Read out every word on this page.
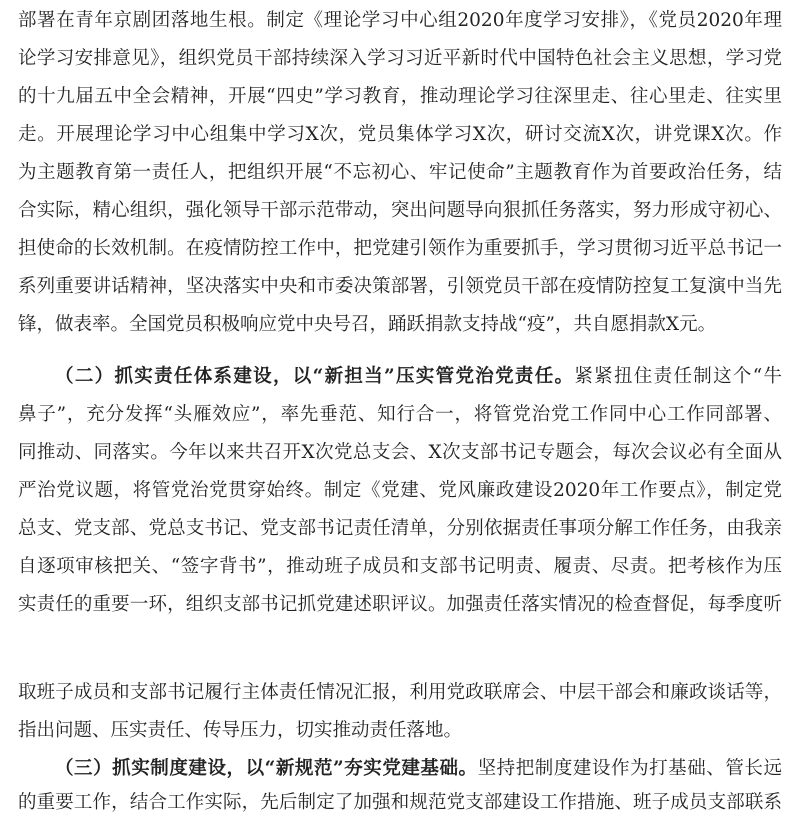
部署在青年京剧团落地生根。制定《理论学习中心组2020年度学习安排》，《党员2020年理
论学习安排意见》，组织党员干部持续深入学习习近平新时代中国特色社会主义思想，学习党
的十九届五中全会精神，开展“四史”学习教育，推动理论学习往深里走、往心里走、往实里
走。开展理论学习中心组集中学习X次，党员集体学习X次，研讨交流X次，讲党课X次。作
为主题教育第一责任人，把组织开展“不忘初心、牢记使命”主题教育作为首要政治任务，结
合实际，精心组织，强化领导干部示范带动，突出问题导向狠抓任务落实，努力形成守初心、
担使命的长效机制。在疫情防控工作中，把党建引领作为重要抓手，学习贯彻习近平总书记一
系列重要讲话精神，坚决落实中央和市委决策部署，引领党员干部在疫情防控复工复演中当先
锋，做表率。全国党员积极响应党中央号召，踊跃捐款支持战“疫”，共自愿捐款X元。
（二）抓实责任体系建设，以“新担当”压实管党治党责任。紧紧扭住责任制这个“牛
鼻子”，充分发挥“头雁效应”，率先垂范、知行合一，将管党治党工作同中心工作同部署、
同推动、同落实。今年以来共召开X次党总支会、X次支部书记专题会，每次会议必有全面从
严治党议题，将管党治党贯穿始终。制定《党建、党风廉政建设2020年工作要点》，制定党
总支、党支部、党总支书记、党支部书记责任清单，分别依据责任事项分解工作任务，由我亲
自逐项审核把关、“签字背书”，推动班子成员和支部书记明责、履责、尽责。把考核作为压
实责任的重要一环，组织支部书记抓党建述职评议。加强责任落实情况的检查督促，每季度听
取班子成员和支部书记履行主体责任情况汇报，利用党政联席会、中层干部会和廉政谈话等，
指出问题、压实责任、传导压力，切实推动责任落地。
（三）抓实制度建设，以“新规范”夯实党建基础。坚持把制度建设作为打基础、管长远
的重要工作，结合工作实际，先后制定了加强和规范党支部建设工作措施、班子成员支部联系
